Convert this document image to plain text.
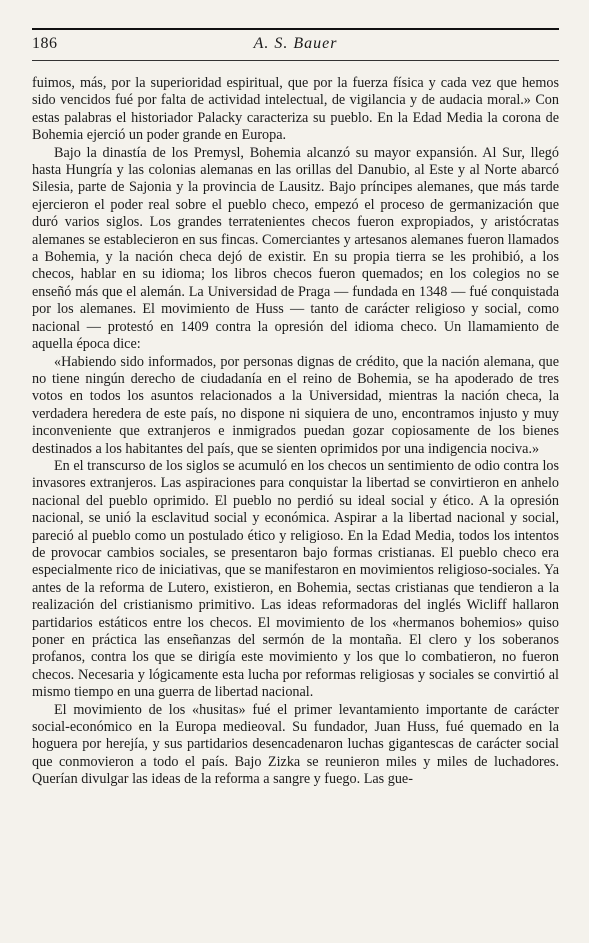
186	A. S. Bauer

fuimos, más, por la superioridad espiritual, que por la fuerza física y cada vez que hemos sido vencidos fué por falta de actividad intelectual, de vigilancia y de audacia moral.» Con estas palabras el historiador Palacky caracteriza su pueblo. En la Edad Media la corona de Bohemia ejerció un poder grande en Europa.

Bajo la dinastía de los Premysl, Bohemia alcanzó su mayor expansión. Al Sur, llegó hasta Hungría y las colonias alemanas en las orillas del Danubio, al Este y al Norte abarcó Silesia, parte de Sajonia y la provincia de Lausitz. Bajo príncipes alemanes, que más tarde ejercieron el poder real sobre el pueblo checo, empezó el proceso de germanización que duró varios siglos. Los grandes terratenientes checos fueron expropiados, y aristócratas alemanes se establecieron en sus fincas. Comerciantes y artesanos alemanes fueron llamados a Bohemia, y la nación checa dejó de existir. En su propia tierra se les prohibió, a los checos, hablar en su idioma; los libros checos fueron quemados; en los colegios no se enseñó más que el alemán. La Universidad de Praga — fundada en 1348 — fué conquistada por los alemanes. El movimiento de Huss — tanto de carácter religioso y social, como nacional — protestó en 1409 contra la opresión del idioma checo. Un llamamiento de aquella época dice:

«Habiendo sido informados, por personas dignas de crédito, que la nación alemana, que no tiene ningún derecho de ciudadanía en el reino de Bohemia, se ha apoderado de tres votos en todos los asuntos relacionados a la Universidad, mientras la nación checa, la verdadera heredera de este país, no dispone ni siquiera de uno, encontramos injusto y muy inconveniente que extranjeros e inmigrados puedan gozar copiosamente de los bienes destinados a los habitantes del país, que se sienten oprimidos por una indigencia nociva.»

En el transcurso de los siglos se acumuló en los checos un sentimiento de odio contra los invasores extranjeros. Las aspiraciones para conquistar la libertad se convirtieron en anhelo nacional del pueblo oprimido. El pueblo no perdió su ideal social y ético. A la opresión nacional, se unió la esclavitud social y económica. Aspirar a la libertad nacional y social, pareció al pueblo como un postulado ético y religioso. En la Edad Media, todos los intentos de provocar cambios sociales, se presentaron bajo formas cristianas. El pueblo checo era especialmente rico de iniciativas, que se manifestaron en movimientos religioso-sociales. Ya antes de la reforma de Lutero, existieron, en Bohemia, sectas cristianas que tendieron a la realización del cristianismo primitivo. Las ideas reformadoras del inglés Wicliff hallaron partidarios estáticos entre los checos. El movimiento de los «hermanos bohemios» quiso poner en práctica las enseñanzas del sermón de la montaña. El clero y los soberanos profanos, contra los que se dirigía este movimiento y los que lo combatieron, no fueron checos. Necesaria y lógicamente esta lucha por reformas religiosas y sociales se convirtió al mismo tiempo en una guerra de libertad nacional.

El movimiento de los «husitas» fué el primer levantamiento importante de carácter social-económico en la Europa medieoval. Su fundador, Juan Huss, fué quemado en la hoguera por herejía, y sus partidarios desencadenaron luchas gigantescas de carácter social que conmovieron a todo el país. Bajo Zizka se reunieron miles y miles de luchadores. Querían divulgar las ideas de la reforma a sangre y fuego. Las gue-
